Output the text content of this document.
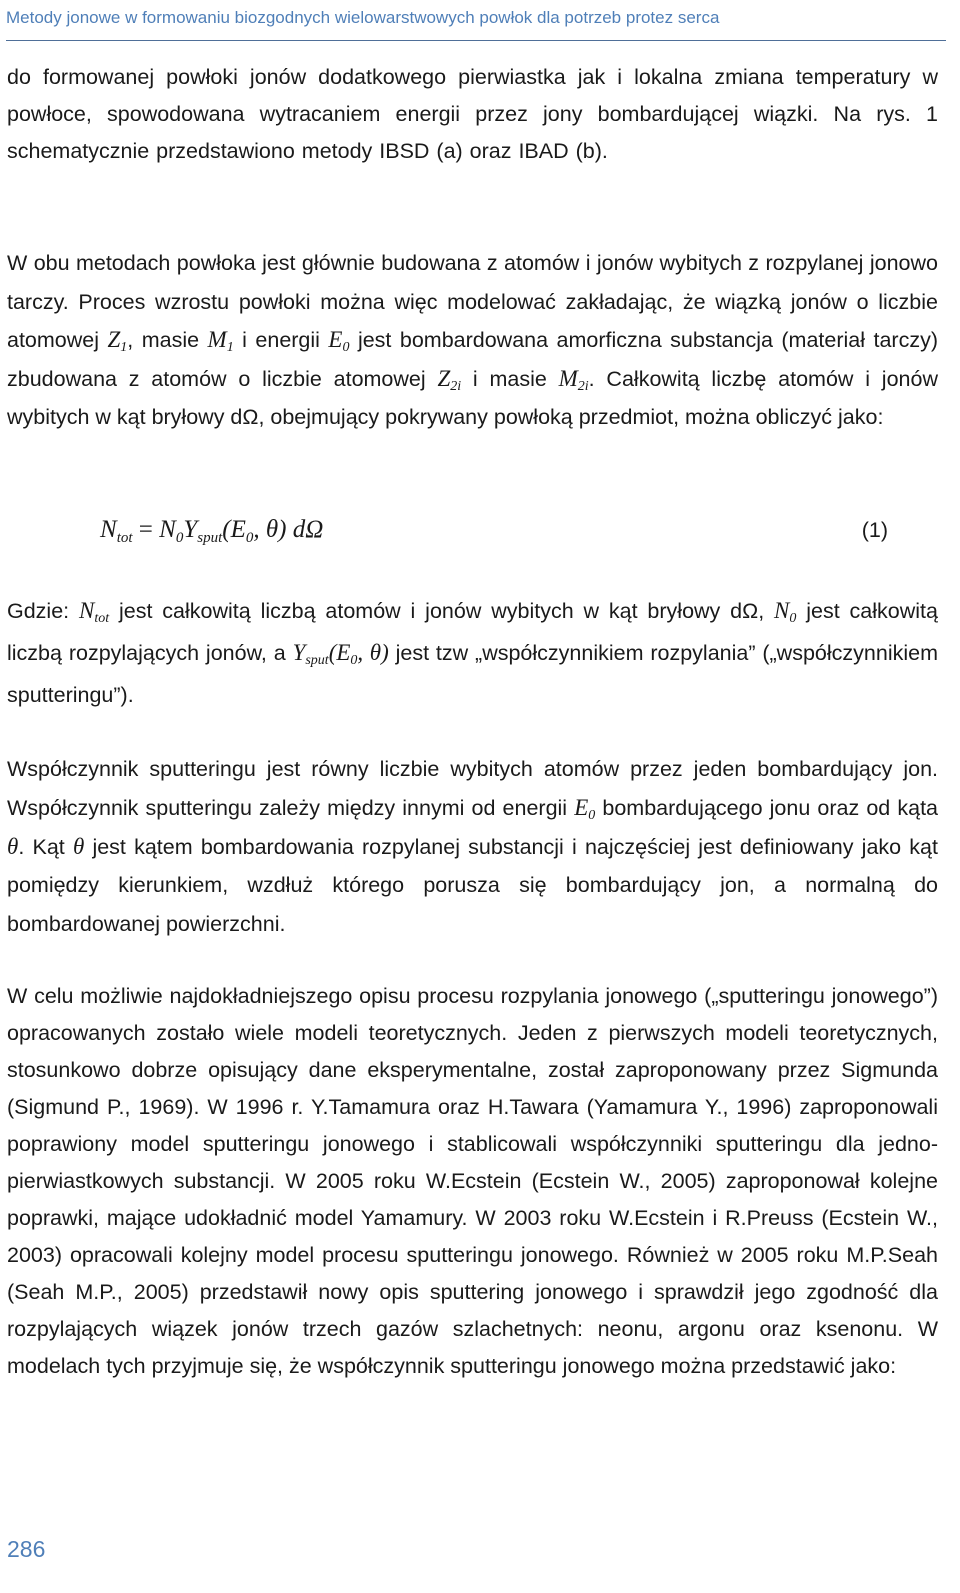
Metody jonowe w formowaniu biozgodnych wielowarstwowych powłok dla potrzeb protez serca

do formowanej powłoki jonów dodatkowego pierwiastka jak i lokalna zmiana temperatury w powłoce, spowodowana wytracaniem energii przez jony bombardującej wiązki. Na rys. 1 schematycznie przedstawiono metody IBSD (a) oraz IBAD (b).

W obu metodach powłoka jest głównie budowana z atomów i jonów wybitych z rozpylanej jonowo tarczy. Proces wzrostu powłoki można więc modelować zakładając, że wiązką jonów o liczbie atomowej $Z_1$, masie $M_1$ i energii $E_0$ jest bombardowana amorficzna substancja (materiał tarczy) zbudowana z atomów o liczbie atomowej $Z_{2i}$ i masie $M_{2i}$. Całkowitą liczbę atomów i jonów wybitych w kąt bryłowy dΩ, obejmujący pokrywany powłoką przedmiot, można obliczyć jako:

$N_{tot} = N_0Y_{sput}(E_0$, θ) dΩ	(1)

Gdzie: $N_{tot}$ jest całkowitą liczbą atomów i jonów wybitych w kąt bryłowy dΩ, $N_0$ jest całkowitą liczbą rozpylających jonów, a $Y_{sput}(E_0$, θ) jest tzw „współczynnikiem rozpylania” („współczynnikiem sputteringu”).

Współczynnik sputteringu jest równy liczbie wybitych atomów przez jeden bombardujący jon. Współczynnik sputteringu zależy między innymi od energii $E_0$ bombardującego jonu oraz od kąta θ. Kąt θ jest kątem bombardowania rozpylanej substancji i najczęściej jest definiowany jako kąt pomiędzy kierunkiem, wzdłuż którego porusza się bombardujący jon, a normalną do bombardowanej powierzchni.

W celu możliwie najdokładniejszego opisu procesu rozpylania jonowego („sputteringu jonowego”) opracowanych zostało wiele modeli teoretycznych. Jeden z pierwszych modeli teoretycznych, stosunkowo dobrze opisujący dane eksperymentalne, został zaproponowany przez Sigmunda (Sigmund P., 1969). W 1996 r. Y.Tamamura oraz H.Tawara (Yamamura Y., 1996) zaproponowali poprawiony model sputteringu jonowego i stablicowali współczynniki sputteringu dla jedno-pierwiastkowych substancji. W 2005 roku W.Ecstein (Ecstein W., 2005) zaproponował kolejne poprawki, mające udokładnić model Yamamury. W 2003 roku W.Ecstein i R.Preuss (Ecstein W., 2003) opracowali kolejny model procesu sputteringu jonowego. Również w 2005 roku M.P.Seah (Seah M.P., 2005) przedstawił nowy opis sputtering jonowego i sprawdził jego zgodność dla rozpylających wiązek jonów trzech gazów szlachetnych: neonu, argonu oraz ksenonu. W modelach tych przyjmuje się, że współczynnik sputteringu jonowego można przedstawić jako:

286
